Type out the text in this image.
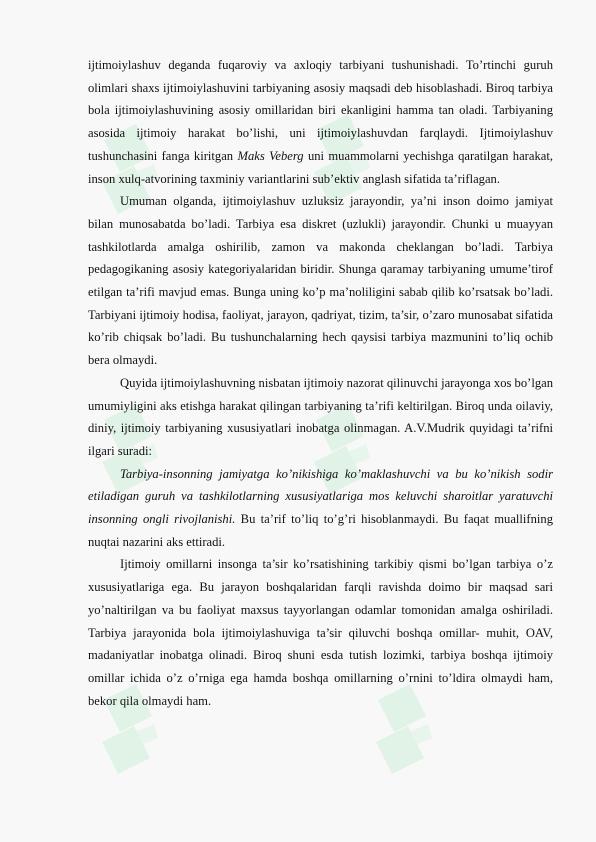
ijtimoiylashuv deganda fuqaroviy va axloqiy tarbiyani tushunishadi. To’rtinchi guruh olimlari shaxs ijtimoiylashuvini tarbiyaning asosiy maqsadi deb hisoblashadi. Biroq tarbiya bola ijtimoiylashuvining asosiy omillaridan biri ekanligini hamma tan oladi. Tarbiyaning asosida ijtimoiy harakat bo’lishi, uni ijtimoiylashuvdan farqlaydi. Ijtimoiylashuv tushunchasini fanga kiritgan Maks Veberg uni muammolarni yechishga qaratilgan harakat, inson xulq-atvorining taxminiy variantlarini sub’ektiv anglash sifatida ta’riflagan.

Umuman olganda, ijtimoiylashuv uzluksiz jarayondir, ya’ni inson doimo jamiyat bilan munosabatda bo’ladi. Tarbiya esa diskret (uzlukli) jarayondir. Chunki u muayyan tashkilotlarda amalga oshirilib, zamon va makonda cheklangan bo’ladi. Tarbiya pedagogikaning asosiy kategoriyalaridan biridir. Shunga qaramay tarbiyaning umume’tirof etilgan ta’rifi mavjud emas. Bunga uning ko’p ma’noliligini sabab qilib ko’rsatsak bo’ladi. Tarbiyani ijtimoiy hodisa, faoliyat, jarayon, qadriyat, tizim, ta’sir, o’zaro munosabat sifatida ko’rib chiqsak bo’ladi. Bu tushunchalarning hech qaysisi tarbiya mazmunini to’liq ochib bera olmaydi.

Quyida ijtimoiylashuvning nisbatan ijtimoiy nazorat qilinuvchi jarayonga xos bo’lgan umumiyligini aks etishga harakat qilingan tarbiyaning ta’rifi keltirilgan. Biroq unda oilaviy, diniy, ijtimoiy tarbiyaning xususiyatlari inobatga olinmagan. A.V.Mudrik quyidagi ta’rifni ilgari suradi:

Tarbiya-insonning jamiyatga ko’nikishiga ko’maklashuvchi va bu ko’nikish sodir etiladigan guruh va tashkilotlarning xususiyatlariga mos keluvchi sharoitlar yaratuvchi insonning ongli rivojlanishi. Bu ta’rif to’liq to’g’ri hisoblanmaydi. Bu faqat muallifning nuqtai nazarini aks ettiradi.

Ijtimoiy omillarni insonga ta’sir ko’rsatishining tarkibiy qismi bo’lgan tarbiya o’z xususiyatlariga ega. Bu jarayon boshqalaridan farqli ravishda doimo bir maqsad sari yo’naltirilgan va bu faoliyat maxsus tayyorlangan odamlar tomonidan amalga oshiriladi. Tarbiya jarayonida bola ijtimoiylashuviga ta’sir qiluvchi boshqa omillar- muhit, OAV, madaniyatlar inobatga olinadi. Biroq shuni esda tutish lozimki, tarbiya boshqa ijtimoiy omillar ichida o’z o’rniga ega hamda boshqa omillarning o’rnini to’ldira olmaydi ham, bekor qila olmaydi ham.
